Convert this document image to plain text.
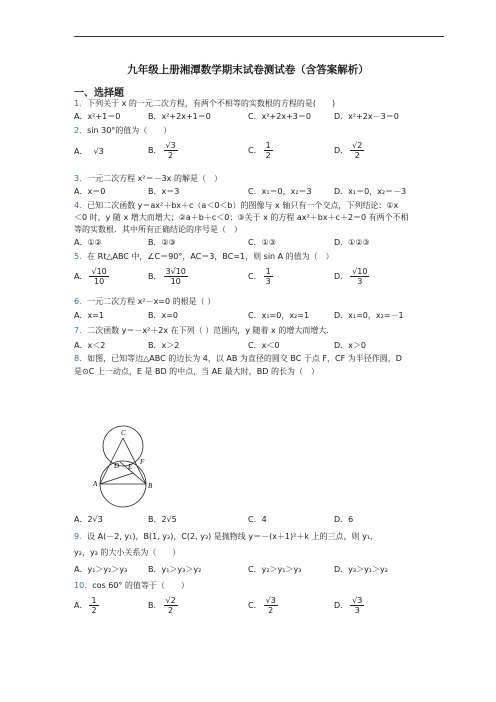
九年级上册湘潭数学期末试卷测试卷（含答案解析）
一、选择题
1．下列关于 x 的一元二次方程，有两个不相等的实数根的方程的是(　　)
A．x²+1＝0	B．x²+2x+1＝0	C．x²+2x+3＝0	D．x²+2x－3＝0
2．sin 30°的值为（　　）
A． √3	B． $\frac{√3}{2}$	C． $\frac{1}{2}$	D． $\frac{√2}{2}$
3．一元二次方程 x²＝－3x 的解是（　）
A．x＝0	B．x＝3	C．x₁＝0，x₂＝3	D．x₁＝0，x₂＝－3
4．已知二次函数 y＝ax²＋bx＋c（a＜0＜b）的图像与 x 轴只有一个交点，下列结论：①x
＜0 时，y 随 x 增大而增大；②a＋b＋c＜0；③关于 x 的方程 ax²＋bx＋c＋2＝0 有两个不相
等的实数根．其中所有正确结论的序号是（　）
A．①②	B．②③	C．①③	D．①②③
5．在 Rt△ABC 中，∠C＝90°，AC＝3，BC=1，则 sin A 的值为（　）
A． $\frac{√10}{10}$	B． $\frac{3√10}{10}$	C． $\frac{1}{3}$	D． $\frac{√10}{3}$
6．一元二次方程 x²－x=0 的根是（ ）
A．x=1	B．x=0	C．x₁=0，x₂=1	D．x₁=0，x₂=－1
7．二次函数 y＝－x²＋2x 在下列（ ）范围内，y 随着 x 的增大而增大．
A．x＜2	B．x＞2	C．x＜0	D．x＞0
8．如图，已知等边△ABC 的边长为 4，以 AB 为直径的圆交 BC 于点 F，CF 为半径作圆，D
是⊙C 上一动点，E 是 BD 的中点，当 AE 最大时，BD 的长为（　）
C
D E
F
A	B
A．2√3	B．2√5	C．4	D．6
9．设 A(－2, y₁)，B(1, y₂)，C(2, y₃) 是抛物线 y＝－(x＋1)²＋k 上的三点，则 y₁，
y₂，y₃ 的大小关系为（　　）
A．y₁＞y₂＞y₃	B．y₁＞y₃＞y₂	C．y₂＞y₁＞y₃	D．y₃＞y₁＞y₂
10．cos 60° 的值等于（　　）
A． $\frac{1}{2}$	B． $\frac{√2}{2}$	C． $\frac{√3}{2}$	D． $\frac{√3}{3}$
